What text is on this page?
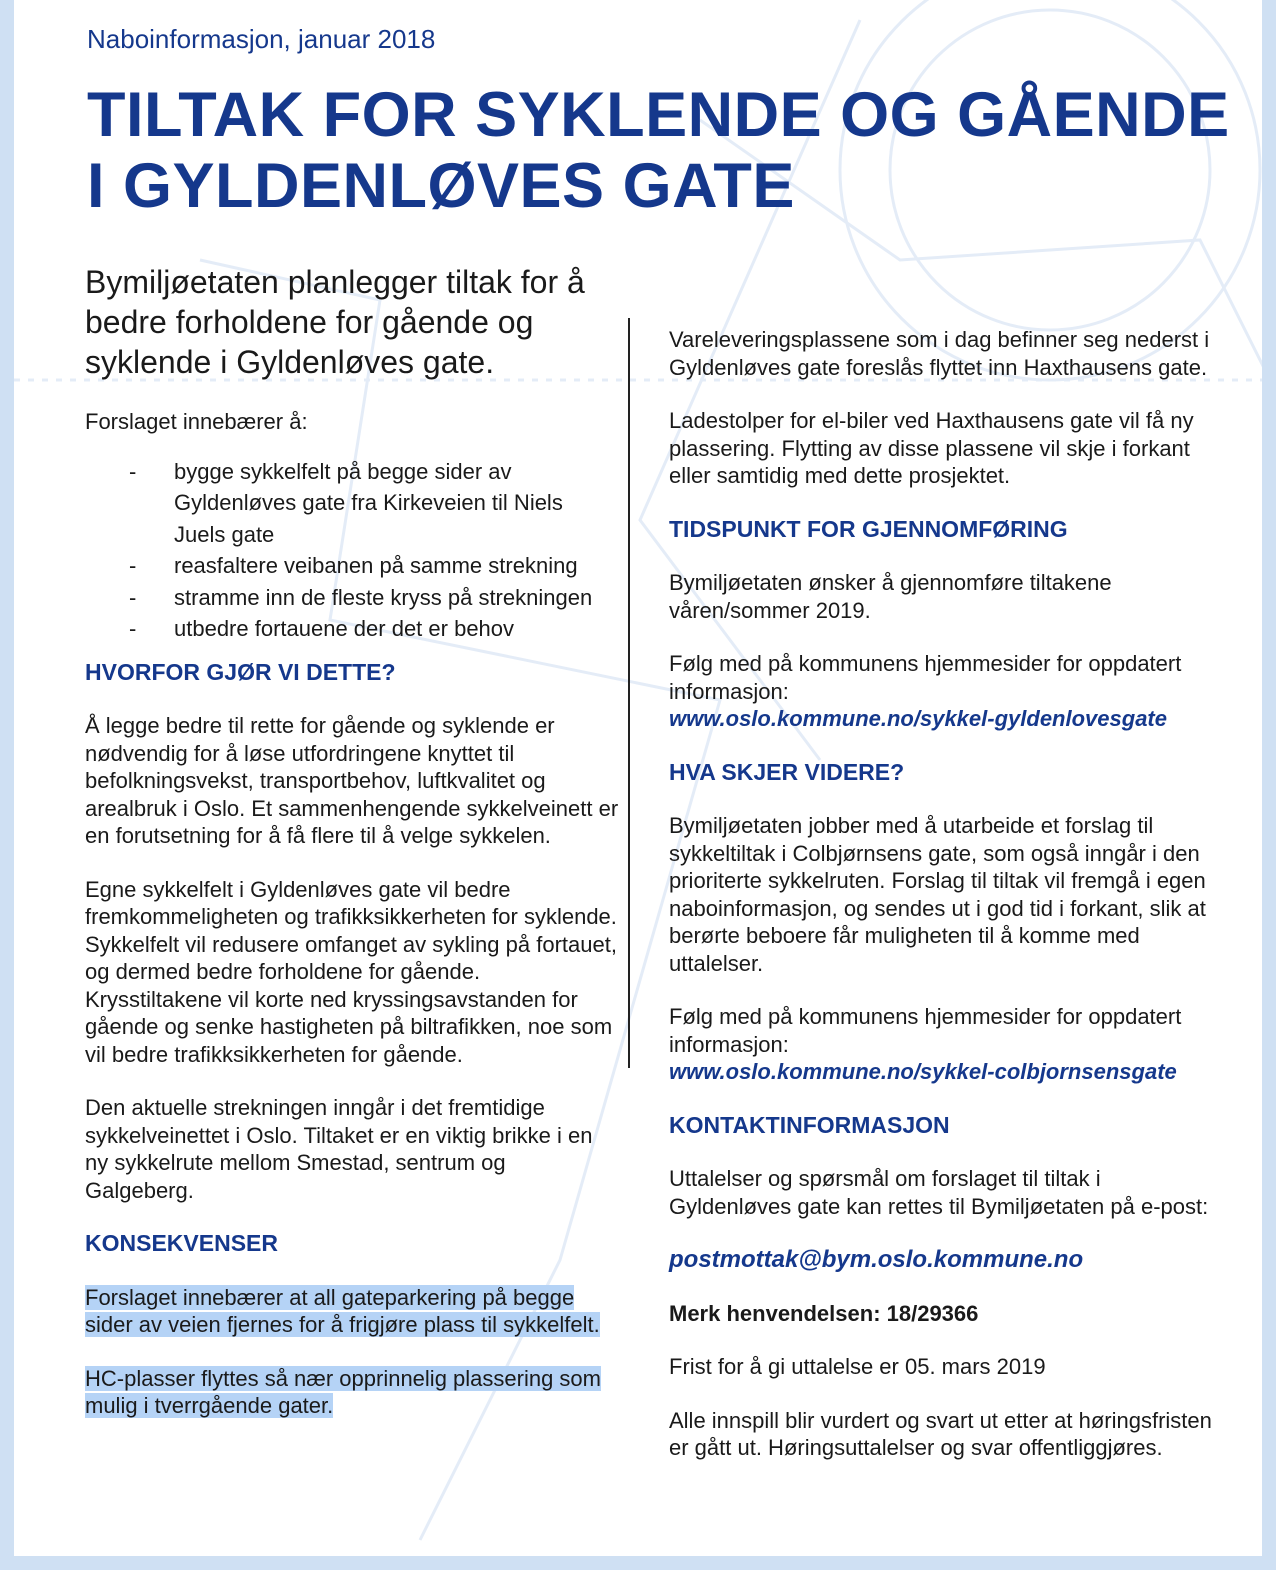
Naboinformasjon, januar 2018
TILTAK FOR SYKLENDE OG GÅENDE I GYLDENLØVES GATE

Bymiljøetaten planlegger tiltak for å bedre forholdene for gående og syklende i Gyldenløves gate.

Forslaget innebærer å:

- bygge sykkelfelt på begge sider av Gyldenløves gate fra Kirkeveien til Niels Juels gate
- reasfaltere veibanen på samme strekning
- stramme inn de fleste kryss på strekningen
- utbedre fortauene der det er behov
HVORFOR GJØR VI DETTE?

Å legge bedre til rette for gående og syklende er nødvendig for å løse utfordringene knyttet til befolkningsvekst, transportbehov, luftkvalitet og arealbruk i Oslo. Et sammenhengende sykkelveinett er en forutsetning for å få flere til å velge sykkelen.

Egne sykkelfelt i Gyldenløves gate vil bedre fremkommeligheten og trafikksikkerheten for syklende. Sykkelfelt vil redusere omfanget av sykling på fortauet, og dermed bedre forholdene for gående. Krysstiltakene vil korte ned kryssingsavstanden for gående og senke hastigheten på biltrafikken, noe som vil bedre trafikksikkerheten for gående.

Den aktuelle strekningen inngår i det fremtidige sykkelveinettet i Oslo. Tiltaket er en viktig brikke i en ny sykkelrute mellom Smestad, sentrum og Galgeberg.

KONSEKVENSER

Forslaget innebærer at all gateparkering på begge sider av veien fjernes for å frigjøre plass til sykkelfelt.

HC-plasser flyttes så nær opprinnelig plassering som mulig i tverrgående gater.

Vareleveringsplassene som i dag befinner seg nederst i Gyldenløves gate foreslås flyttet inn Haxthausens gate.

Ladestolper for el-biler ved Haxthausens gate vil få ny plassering. Flytting av disse plassene vil skje i forkant eller samtidig med dette prosjektet.

TIDSPUNKT FOR GJENNOMFØRING

Bymiljøetaten ønsker å gjennomføre tiltakene våren/sommer 2019.

Følg med på kommunens hjemmesider for oppdatert informasjon:
www.oslo.kommune.no/sykkel-gyldenlovesgate

HVA SKJER VIDERE?

Bymiljøetaten jobber med å utarbeide et forslag til sykkeltiltak i Colbjørnsens gate, som også inngår i den prioriterte sykkelruten. Forslag til tiltak vil fremgå i egen naboinformasjon, og sendes ut i god tid i forkant, slik at berørte beboere får muligheten til å komme med uttalelser.

Følg med på kommunens hjemmesider for oppdatert informasjon:
www.oslo.kommune.no/sykkel-colbjornsensgate

KONTAKTINFORMASJON

Uttalelser og spørsmål om forslaget til tiltak i Gyldenløves gate kan rettes til Bymiljøetaten på e-post:

postmottak@bym.oslo.kommune.no

Merk henvendelsen: 18/29366

Frist for å gi uttalelse er 05. mars 2019

Alle innspill blir vurdert og svart ut etter at høringsfristen er gått ut. Høringsuttalelser og svar offentliggjøres.
